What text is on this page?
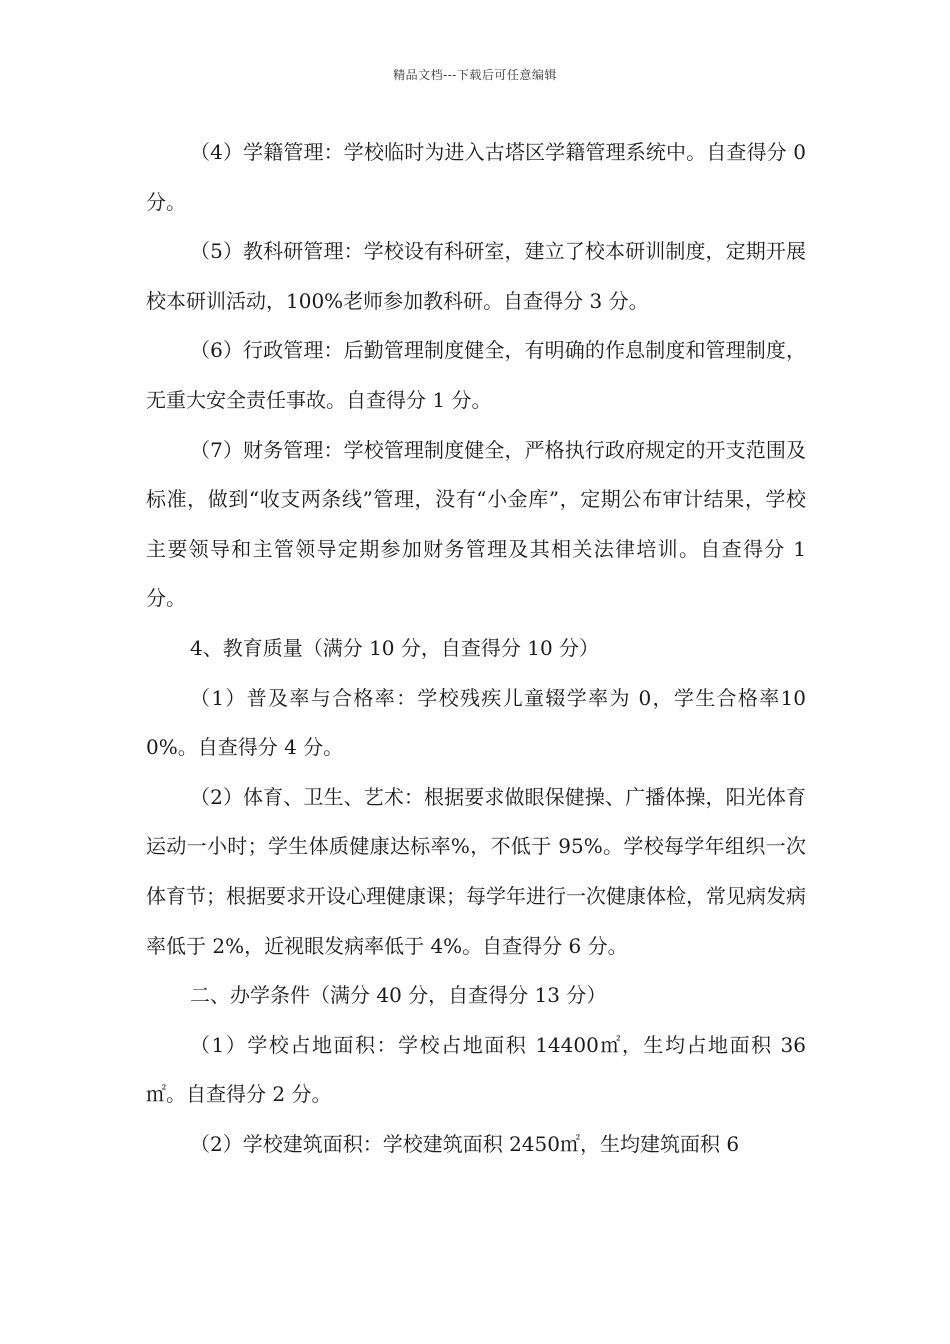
精品文档---下载后可任意编辑

（4）学籍管理：学校临时为进入古塔区学籍管理系统中。自查得分 0 分。

（5）教科研管理：学校设有科研室，建立了校本研训制度，定期开展校本研训活动，100%老师参加教科研。自查得分 3 分。

（6）行政管理：后勤管理制度健全，有明确的作息制度和管理制度，无重大安全责任事故。自查得分 1 分。

（7）财务管理：学校管理制度健全，严格执行政府规定的开支范围及标准，做到“收支两条线”管理，没有“小金库”，定期公布审计结果，学校主要领导和主管领导定期参加财务管理及其相关法律培训。自查得分 1 分。

4、教育质量（满分 10 分，自查得分 10 分）

（1）普及率与合格率：学校残疾儿童辍学率为 0，学生合格率100%。自查得分 4 分。

（2）体育、卫生、艺术：根据要求做眼保健操、广播体操，阳光体育运动一小时；学生体质健康达标率%，不低于 95%。学校每学年组织一次体育节；根据要求开设心理健康课；每学年进行一次健康体检，常见病发病率低于 2%，近视眼发病率低于 4%。自查得分 6 分。

二、办学条件（满分 40 分，自查得分 13 分）

（1）学校占地面积：学校占地面积 14400㎡，生均占地面积 36 ㎡。自查得分 2 分。

（2）学校建筑面积：学校建筑面积 2450㎡，生均建筑面积 6
